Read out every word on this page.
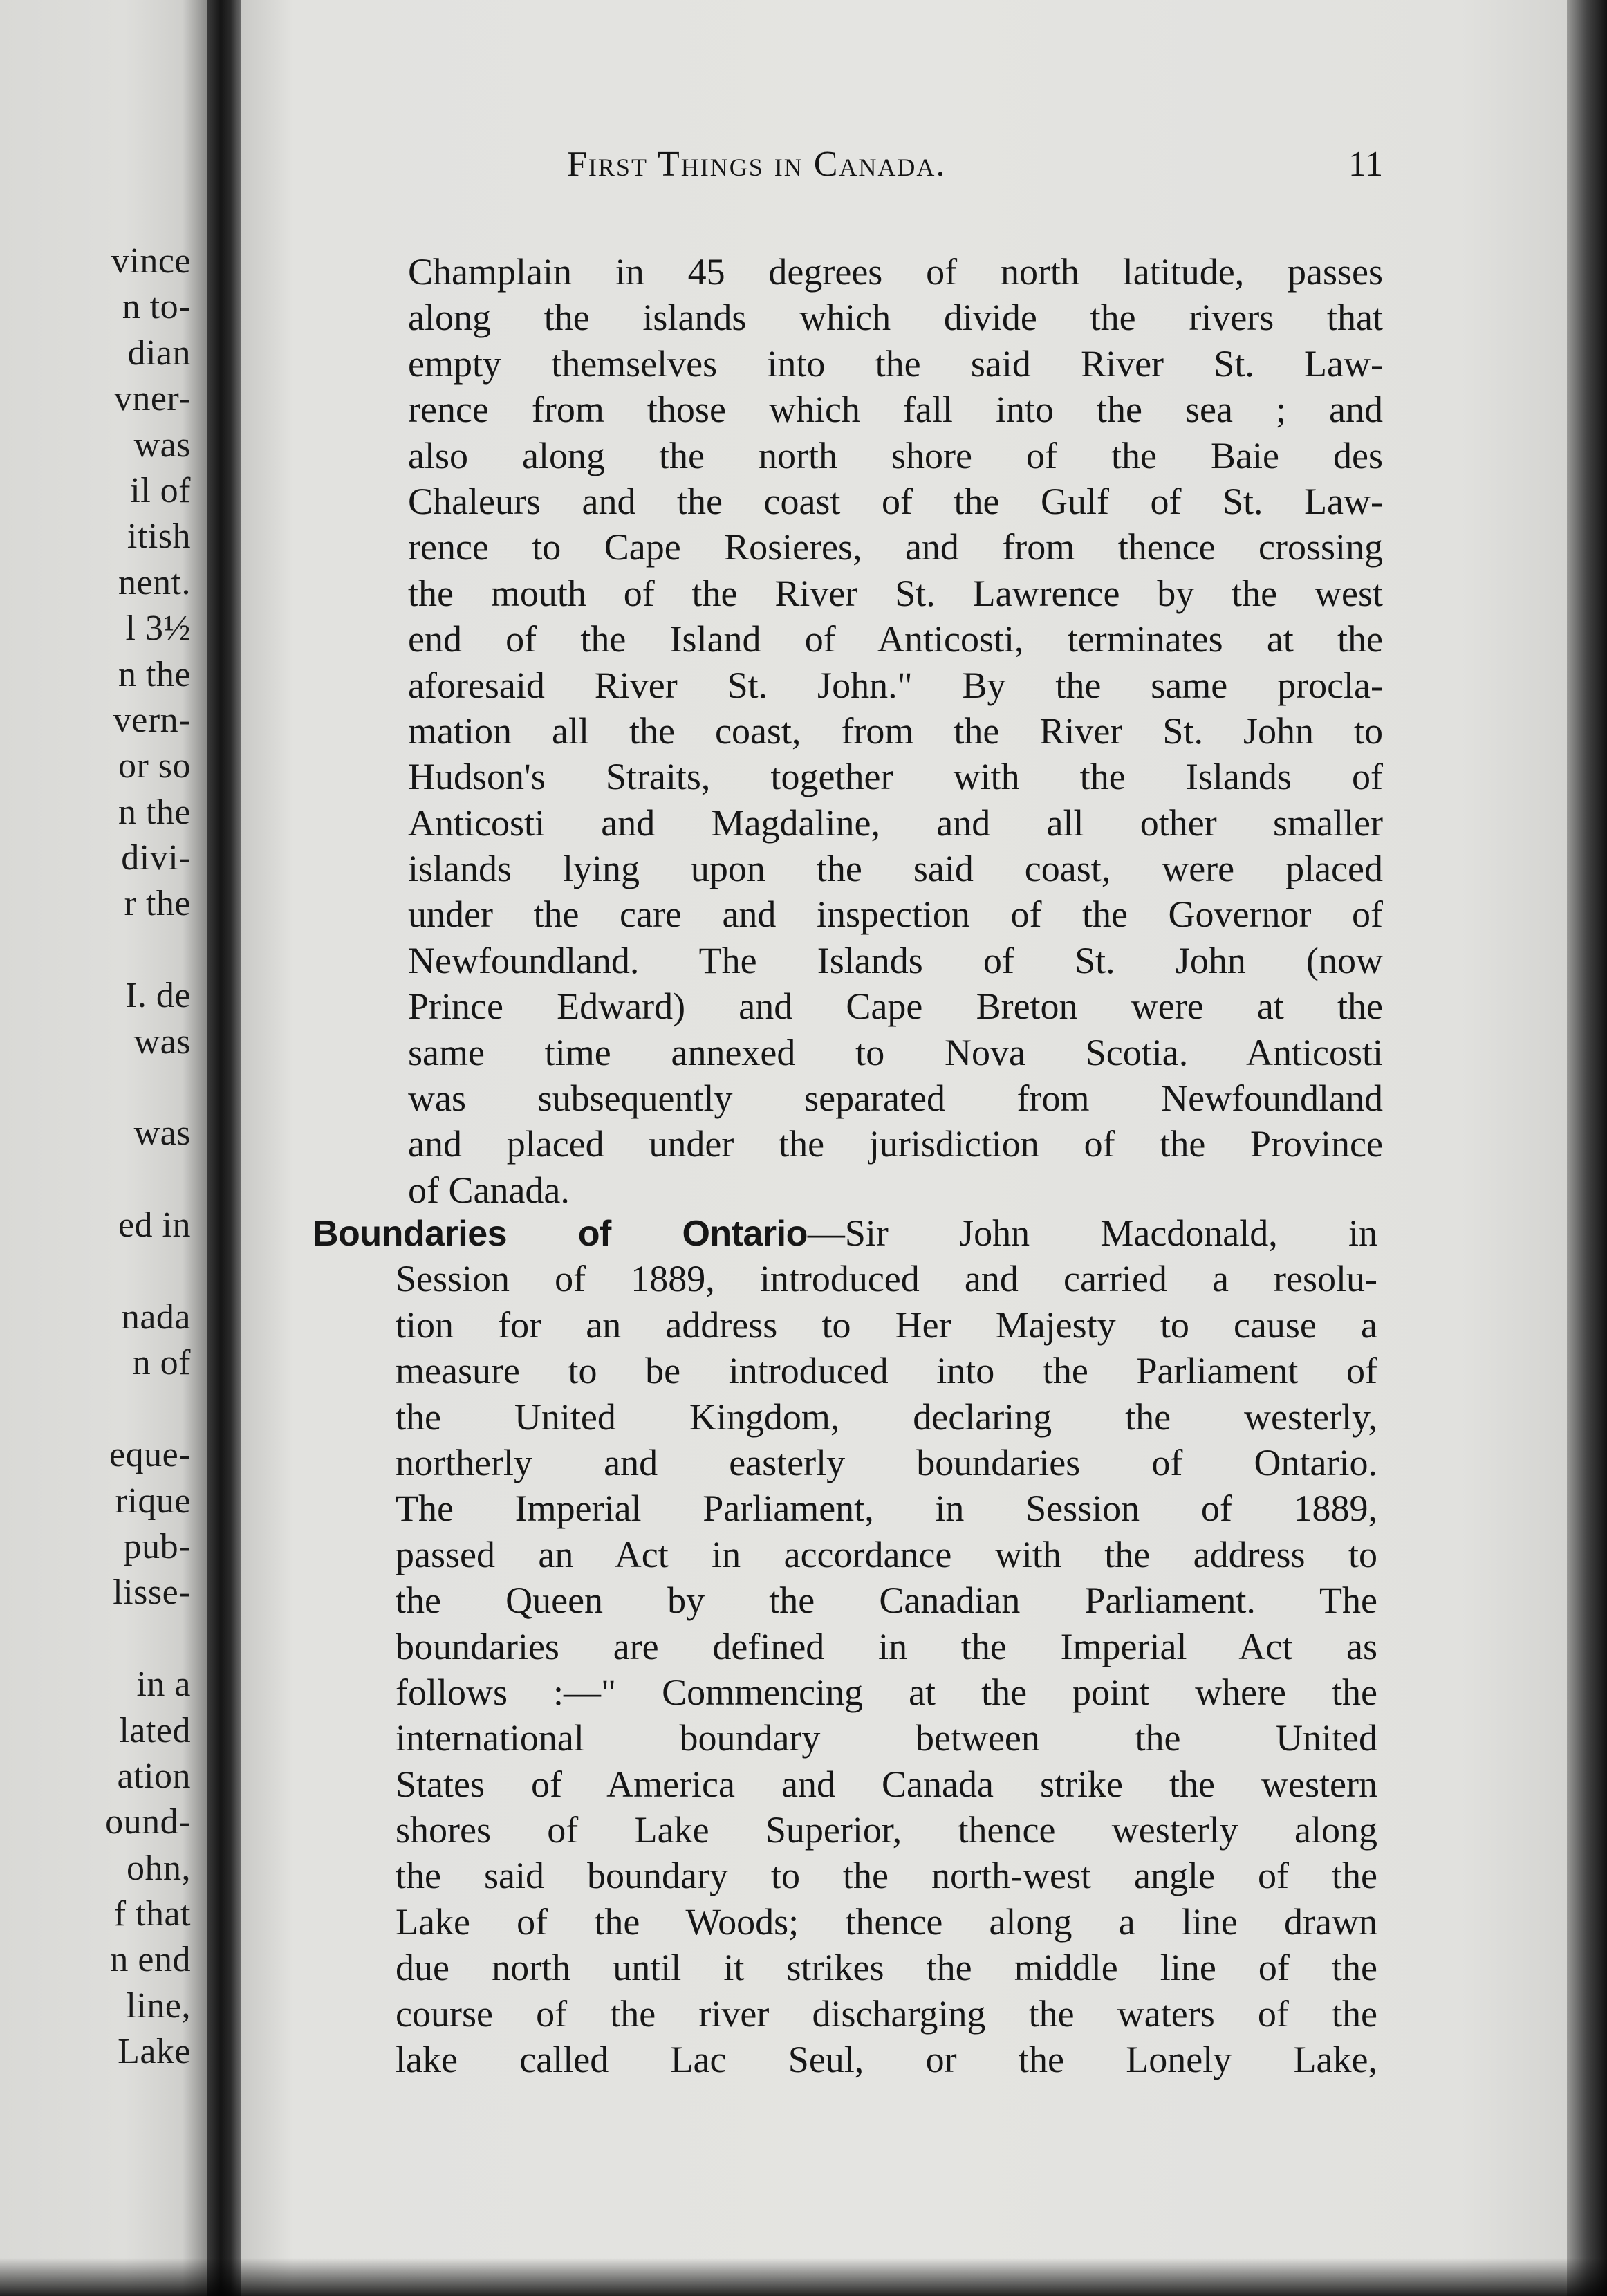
vince
n to-
dian
vner-
was
il of
itish
nent.
l 3½
n the
vern-
or so
n the
divi-
r the
I. de
was
was
ed in
nada
n of
eque-
rique
pub-
lisse-
in a
lated
ation
ound-
ohn,
f that
n end
line,
Lake
First Things in Canada.	11
Champlain in 45 degrees of north latitude, passes
along the islands which divide the rivers that
empty themselves into the said River St. Law-
rence from those which fall into the sea ; and
also along the north shore of the Baie des
Chaleurs and the coast of the Gulf of St. Law-
rence to Cape Rosieres, and from thence crossing
the mouth of the River St. Lawrence by the west
end of the Island of Anticosti, terminates at the
aforesaid River St. John." By the same procla-
mation all the coast, from the River St. John to
Hudson's Straits, together with the Islands of
Anticosti and Magdaline, and all other smaller
islands lying upon the said coast, were placed
under the care and inspection of the Governor of
Newfoundland. The Islands of St. John (now
Prince Edward) and Cape Breton were at the
same time annexed to Nova Scotia. Anticosti
was subsequently separated from Newfoundland
and placed under the jurisdiction of the Province
of Canada.
Boundaries of Ontario—Sir John Macdonald, in
Session of 1889, introduced and carried a resolu-
tion for an address to Her Majesty to cause a
measure to be introduced into the Parliament of
the United Kingdom, declaring the westerly,
northerly and easterly boundaries of Ontario.
The Imperial Parliament, in Session of 1889,
passed an Act in accordance with the address to
the Queen by the Canadian Parliament. The
boundaries are defined in the Imperial Act as
follows :—" Commencing at the point where the
international boundary between the United
States of America and Canada strike the western
shores of Lake Superior, thence westerly along
the said boundary to the north-west angle of the
Lake of the Woods; thence along a line drawn
due north until it strikes the middle line of the
course of the river discharging the waters of the
lake called Lac Seul, or the Lonely Lake,
